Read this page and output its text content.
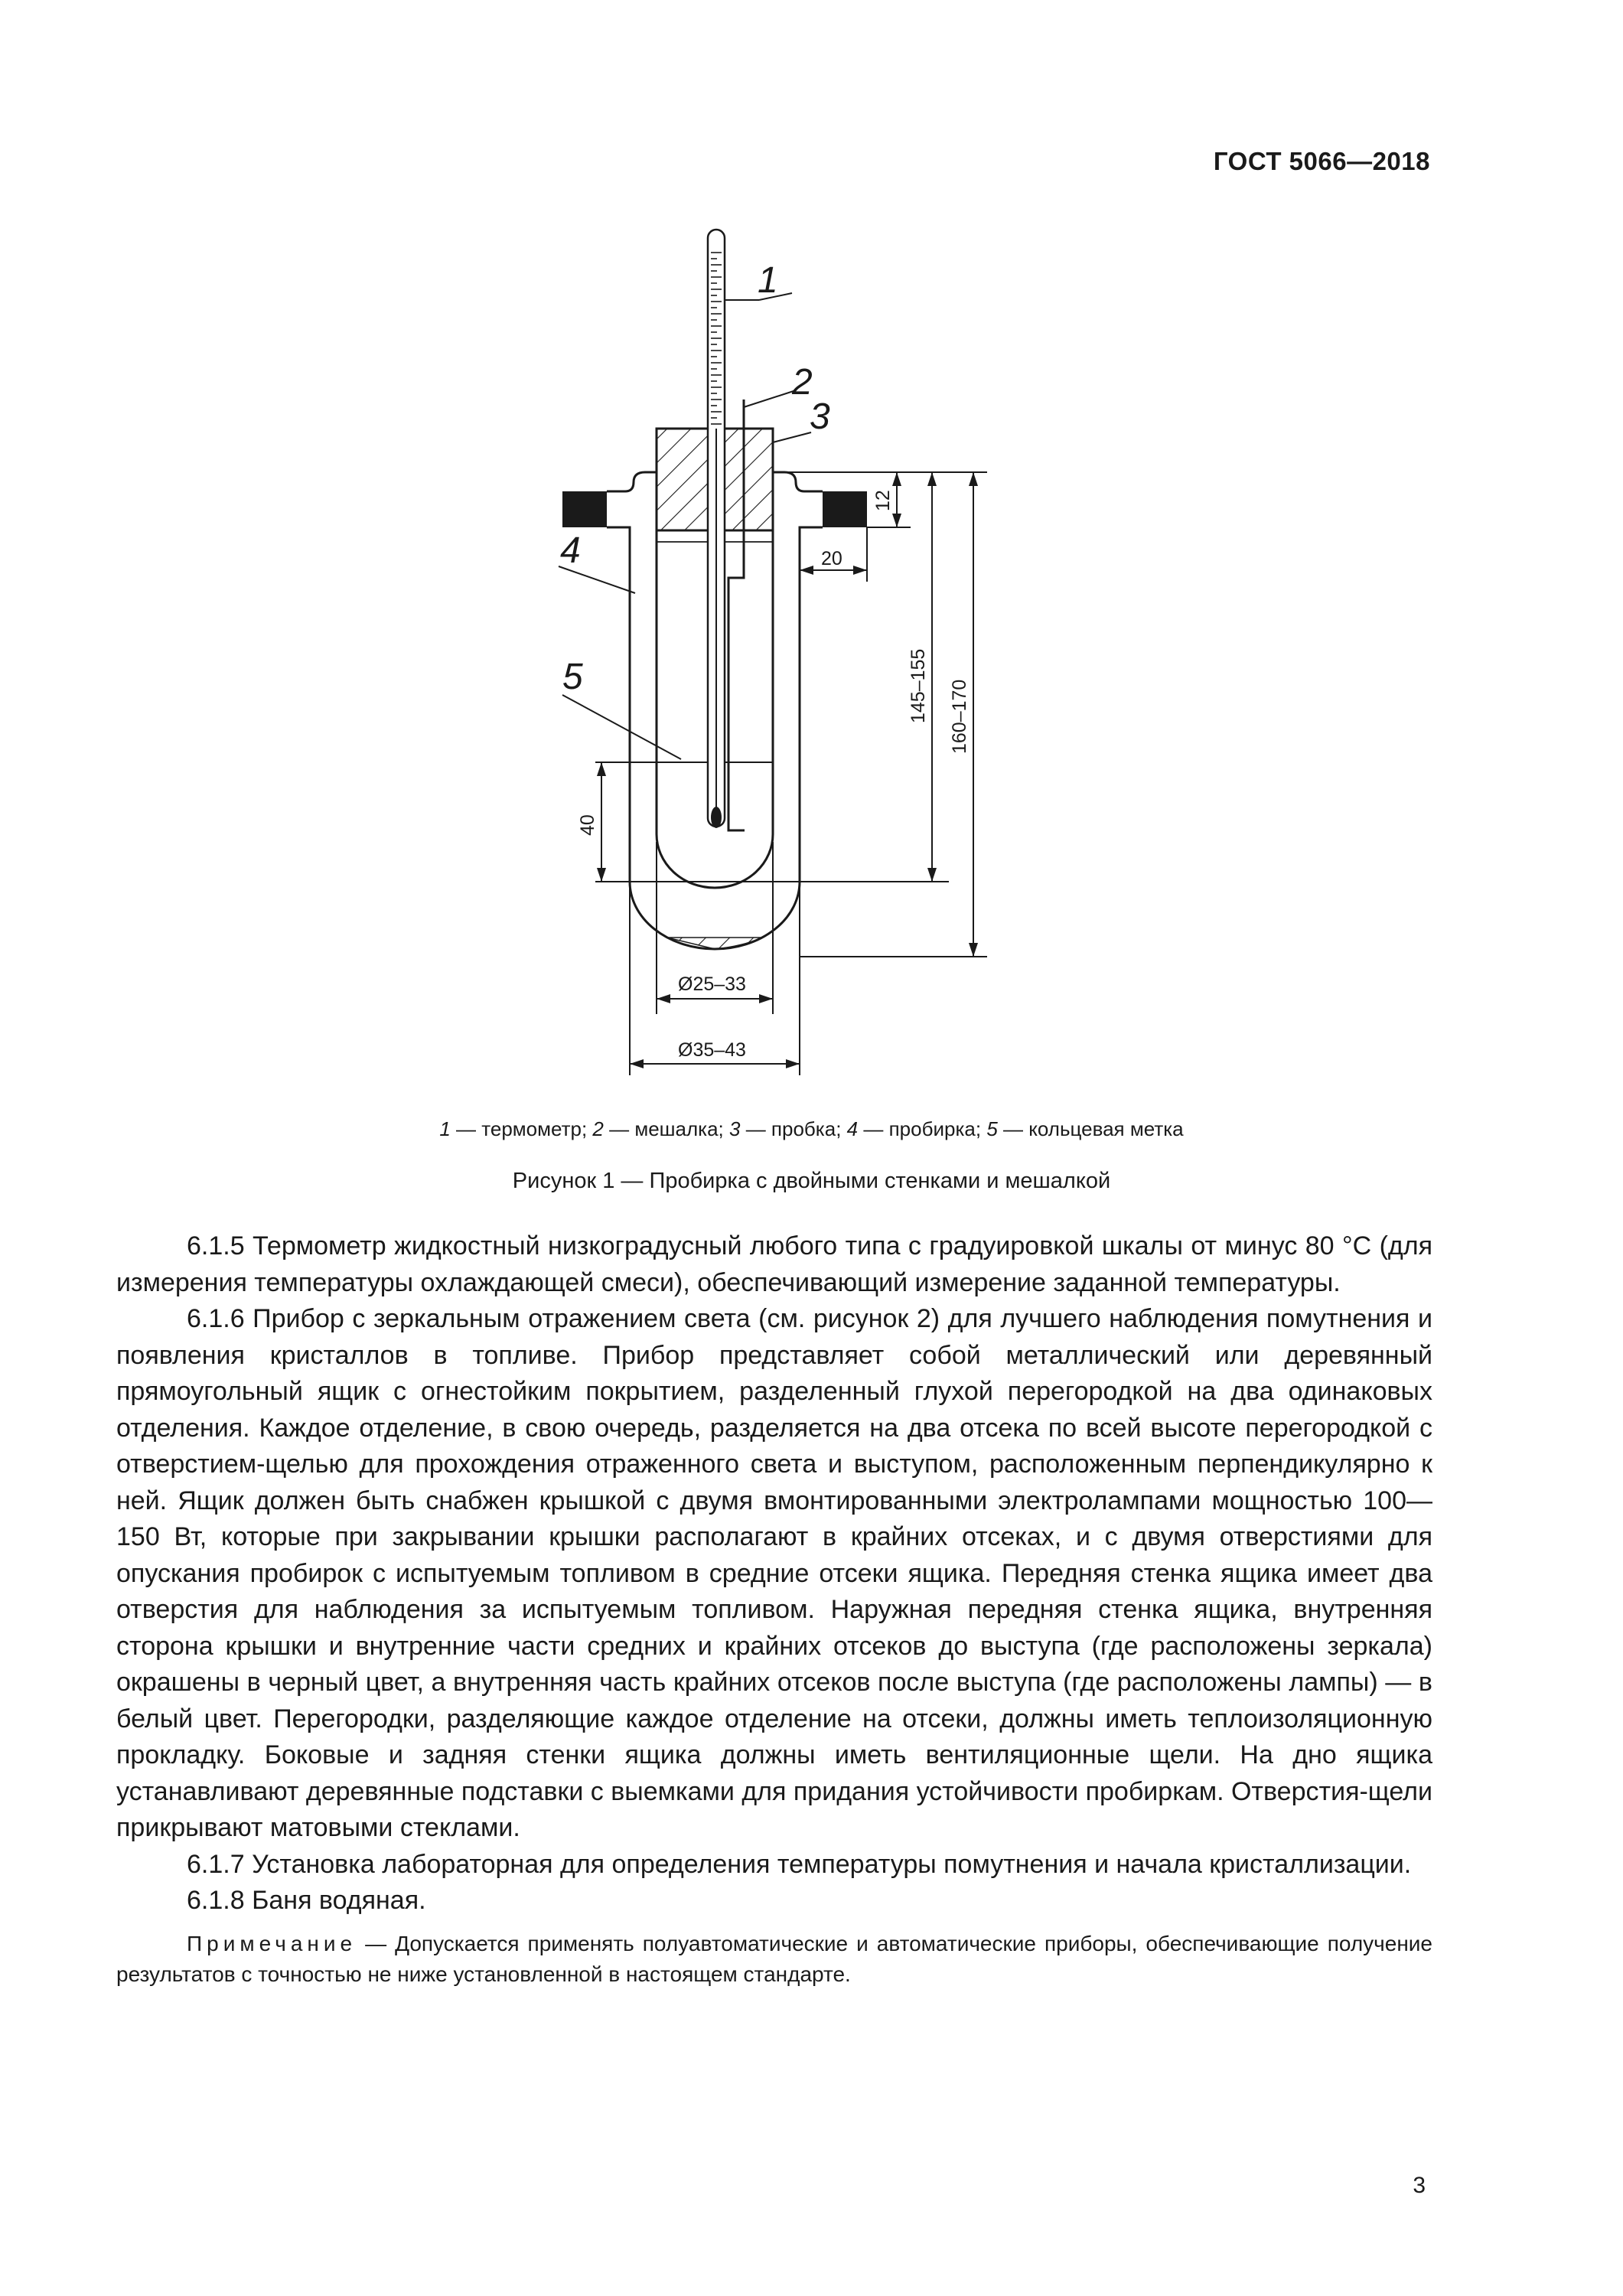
ГОСТ 5066—2018
1
2
3
4
5
12
20
145–155 160–170
40
Ø25–33
Ø35–43
1 — термометр; 2 — мешалка; 3 — пробка; 4 — пробирка; 5 — кольцевая метка
Рисунок 1 — Пробирка с двойными стенками и мешалкой

6.1.5 Термометр жидкостный низкоградусный любого типа с градуировкой шкалы от минус 80 °С (для измерения температуры охлаждающей смеси), обеспечивающий измерение заданной температуры.

6.1.6 Прибор с зеркальным отражением света (см. рисунок 2) для лучшего наблюдения помутнения и появления кристаллов в топливе. Прибор представляет собой металлический или деревянный прямоугольный ящик с огнестойким покрытием, разделенный глухой перегородкой на два одинаковых отделения. Каждое отделение, в свою очередь, разделяется на два отсека по всей высоте перегородкой с отверстием-щелью для прохождения отраженного света и выступом, расположенным перпендикулярно к ней. Ящик должен быть снабжен крышкой с двумя вмонтированными электролампами мощностью 100—150 Вт, которые при закрывании крышки располагают в крайних отсеках, и с двумя отверстиями для опускания пробирок с испытуемым топливом в средние отсеки ящика. Передняя стенка ящика имеет два отверстия для наблюдения за испытуемым топливом. Наружная передняя стенка ящика, внутренняя сторона крышки и внутренние части средних и крайних отсеков до выступа (где расположены зеркала) окрашены в черный цвет, а внутренняя часть крайних отсеков после выступа (где расположены лампы) — в белый цвет. Перегородки, разделяющие каждое отделение на отсеки, должны иметь теплоизоляционную прокладку. Боковые и задняя стенки ящика должны иметь вентиляционные щели. На дно ящика устанавливают деревянные подставки с выемками для придания устойчивости пробиркам. Отверстия-щели прикрывают матовыми стеклами.

6.1.7 Установка лабораторная для определения температуры помутнения и начала кристаллизации.

6.1.8 Баня водяная.

Примечание — Допускается применять полуавтоматические и автоматические приборы, обеспечивающие получение результатов с точностью не ниже установленной в настоящем стандарте.
3
